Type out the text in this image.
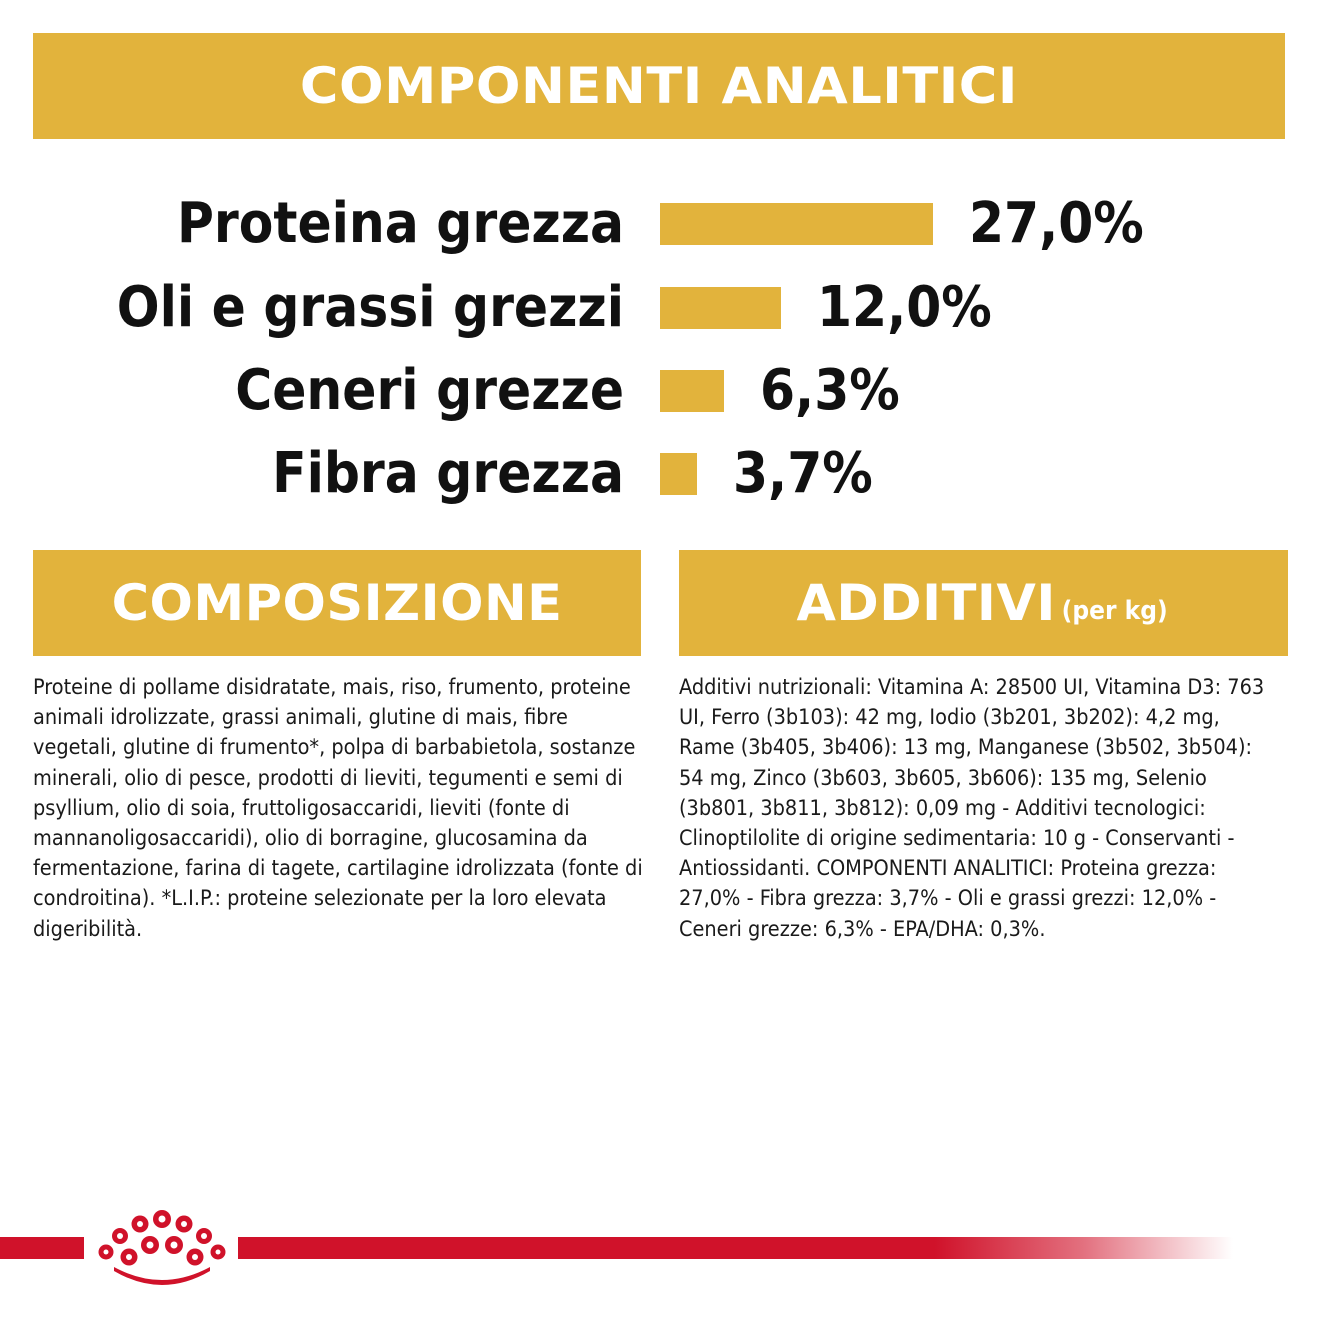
COMPONENTI ANALITICI
Proteina grezza	27,0%
Oli e grassi grezzi	12,0%
Ceneri grezze 6,3%
Fibra grezza 3,7%
COMPOSIZIONE	ADDITIVI (per kg)
Proteine di pollame disidratate, mais, riso, frumento, proteine animali idrolizzate, grassi animali, glutine di mais, fibre vegetali, glutine di frumento*, polpa di barbabietola, sostanze minerali, olio di pesce, prodotti di lieviti, tegumenti e semi di psyllium, olio di soia, fruttoligosaccaridi, lieviti (fonte di mannanoligosaccaridi), olio di borragine, glucosamina da fermentazione, farina di tagete, cartilagine idrolizzata (fonte di condroitina). *L.I.P.: proteine selezionate per la loro elevata digeribilità.
Additivi nutrizionali: Vitamina A: 28500 UI, Vitamina D3: 763 UI, Ferro (3b103): 42 mg, Iodio (3b201, 3b202): 4,2 mg, Rame (3b405, 3b406): 13 mg, Manganese (3b502, 3b504): 54 mg, Zinco (3b603, 3b605, 3b606): 135 mg, Selenio (3b801, 3b811, 3b812): 0,09 mg - Additivi tecnologici: Clinoptilolite di origine sedimentaria: 10 g - Conservanti - Antiossidanti. COMPONENTI ANALITICI: Proteina grezza: 27,0% - Fibra grezza: 3,7% - Oli e grassi grezzi: 12,0% - Ceneri grezze: 6,3% - EPA/DHA: 0,3%.
